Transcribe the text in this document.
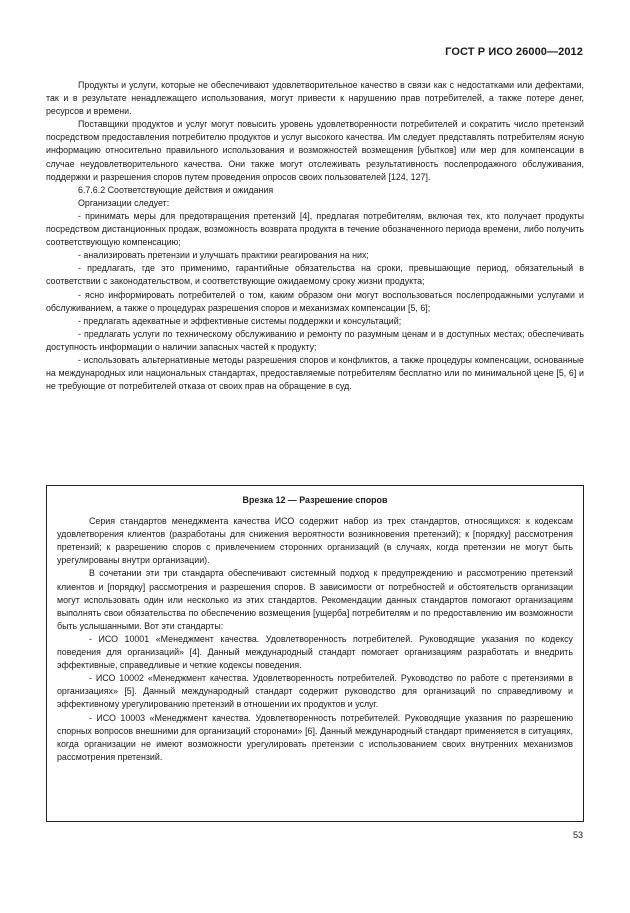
ГОСТ Р ИСО 26000—2012

Продукты и услуги, которые не обеспечивают удовлетворительное качество в связи как с недостатками или дефектами, так и в результате ненадлежащего использования, могут привести к нарушению прав потребителей, а также потере денег, ресурсов и времени.

Поставщики продуктов и услуг могут повысить уровень удовлетворенности потребителей и сократить число претензий посредством предоставления потребителю продуктов и услуг высокого качества. Им следует представлять потребителям ясную информацию относительно правильного использования и возможностей возмещения [убытков] или мер для компенсации в случае неудовлетворительного качества. Они также могут отслеживать результативность послепродажного обслуживания, поддержки и разрешения споров путем проведения опросов своих пользователей [124, 127].

6.7.6.2 Соответствующие действия и ожидания

Организации следует:

- принимать меры для предотвращения претензий [4], предлагая потребителям, включая тех, кто получает продукты посредством дистанционных продаж, возможность возврата продукта в течение обозначенного периода времени, либо получить соответствующую компенсацию;

- анализировать претензии и улучшать практики реагирования на них;

- предлагать, где это применимо, гарантийные обязательства на сроки, превышающие период, обязательный в соответствии с законодательством, и соответствующие ожидаемому сроку жизни продукта;

- ясно информировать потребителей о том, каким образом они могут воспользоваться послепродажными услугами и обслуживанием, а также о процедурах разрешения споров и механизмах компенсации [5, 6];

- предлагать адекватные и эффективные системы поддержки и консультаций;

- предлагать услуги по техническому обслуживанию и ремонту по разумным ценам и в доступных местах; обеспечивать доступность информации о наличии запасных частей к продукту;

- использовать альтернативные методы разрешения споров и конфликтов, а также процедуры компенсации, основанные на международных или национальных стандартах, предоставляемые потребителям бесплатно или по минимальной цене [5, 6] и не требующие от потребителей отказа от своих прав на обращение в суд.

Врезка 12 — Разрешение споров

Серия стандартов менеджмента качества ИСО содержит набор из трех стандартов, относящихся: к кодексам удовлетворения клиентов (разработаны для снижения вероятности возникновения претензий); к [порядку] рассмотрения претензий; к разрешению споров с привлечением сторонних организаций (в случаях, когда претензии не могут быть урегулированы внутри организации).

В сочетании эти три стандарта обеспечивают системный подход к предупреждению и рассмотрению претензий клиентов и [порядку] рассмотрения и разрешения споров. В зависимости от потребностей и обстоятельств организации могут использовать один или несколько из этих стандартов. Рекомендации данных стандартов помогают организациям выполнять свои обязательства по обеспечению возмещения [ущерба] потребителям и по предоставлению им возможности быть услышанными. Вот эти стандарты:

- ИСО 10001 «Менеджмент качества. Удовлетворенность потребителей. Руководящие указания по кодексу поведения для организаций» [4]. Данный международный стандарт помогает организациям разработать и внедрить эффективные, справедливые и четкие кодексы поведения.

- ИСО 10002 «Менеджмент качества. Удовлетворенность потребителей. Руководство по работе с претензиями в организациях» [5]. Данный международный стандарт содержит руководство для организаций по справедливому и эффективному урегулированию претензий в отношении их продуктов и услуг.

- ИСО 10003 «Менеджмент качества. Удовлетворенность потребителей. Руководящие указания по разрешению спорных вопросов внешними для организаций сторонами» [6]. Данный международный стандарт применяется в ситуациях, когда организации не имеют возможности урегулировать претензии с использованием своих внутренних механизмов рассмотрения претензий.

53
